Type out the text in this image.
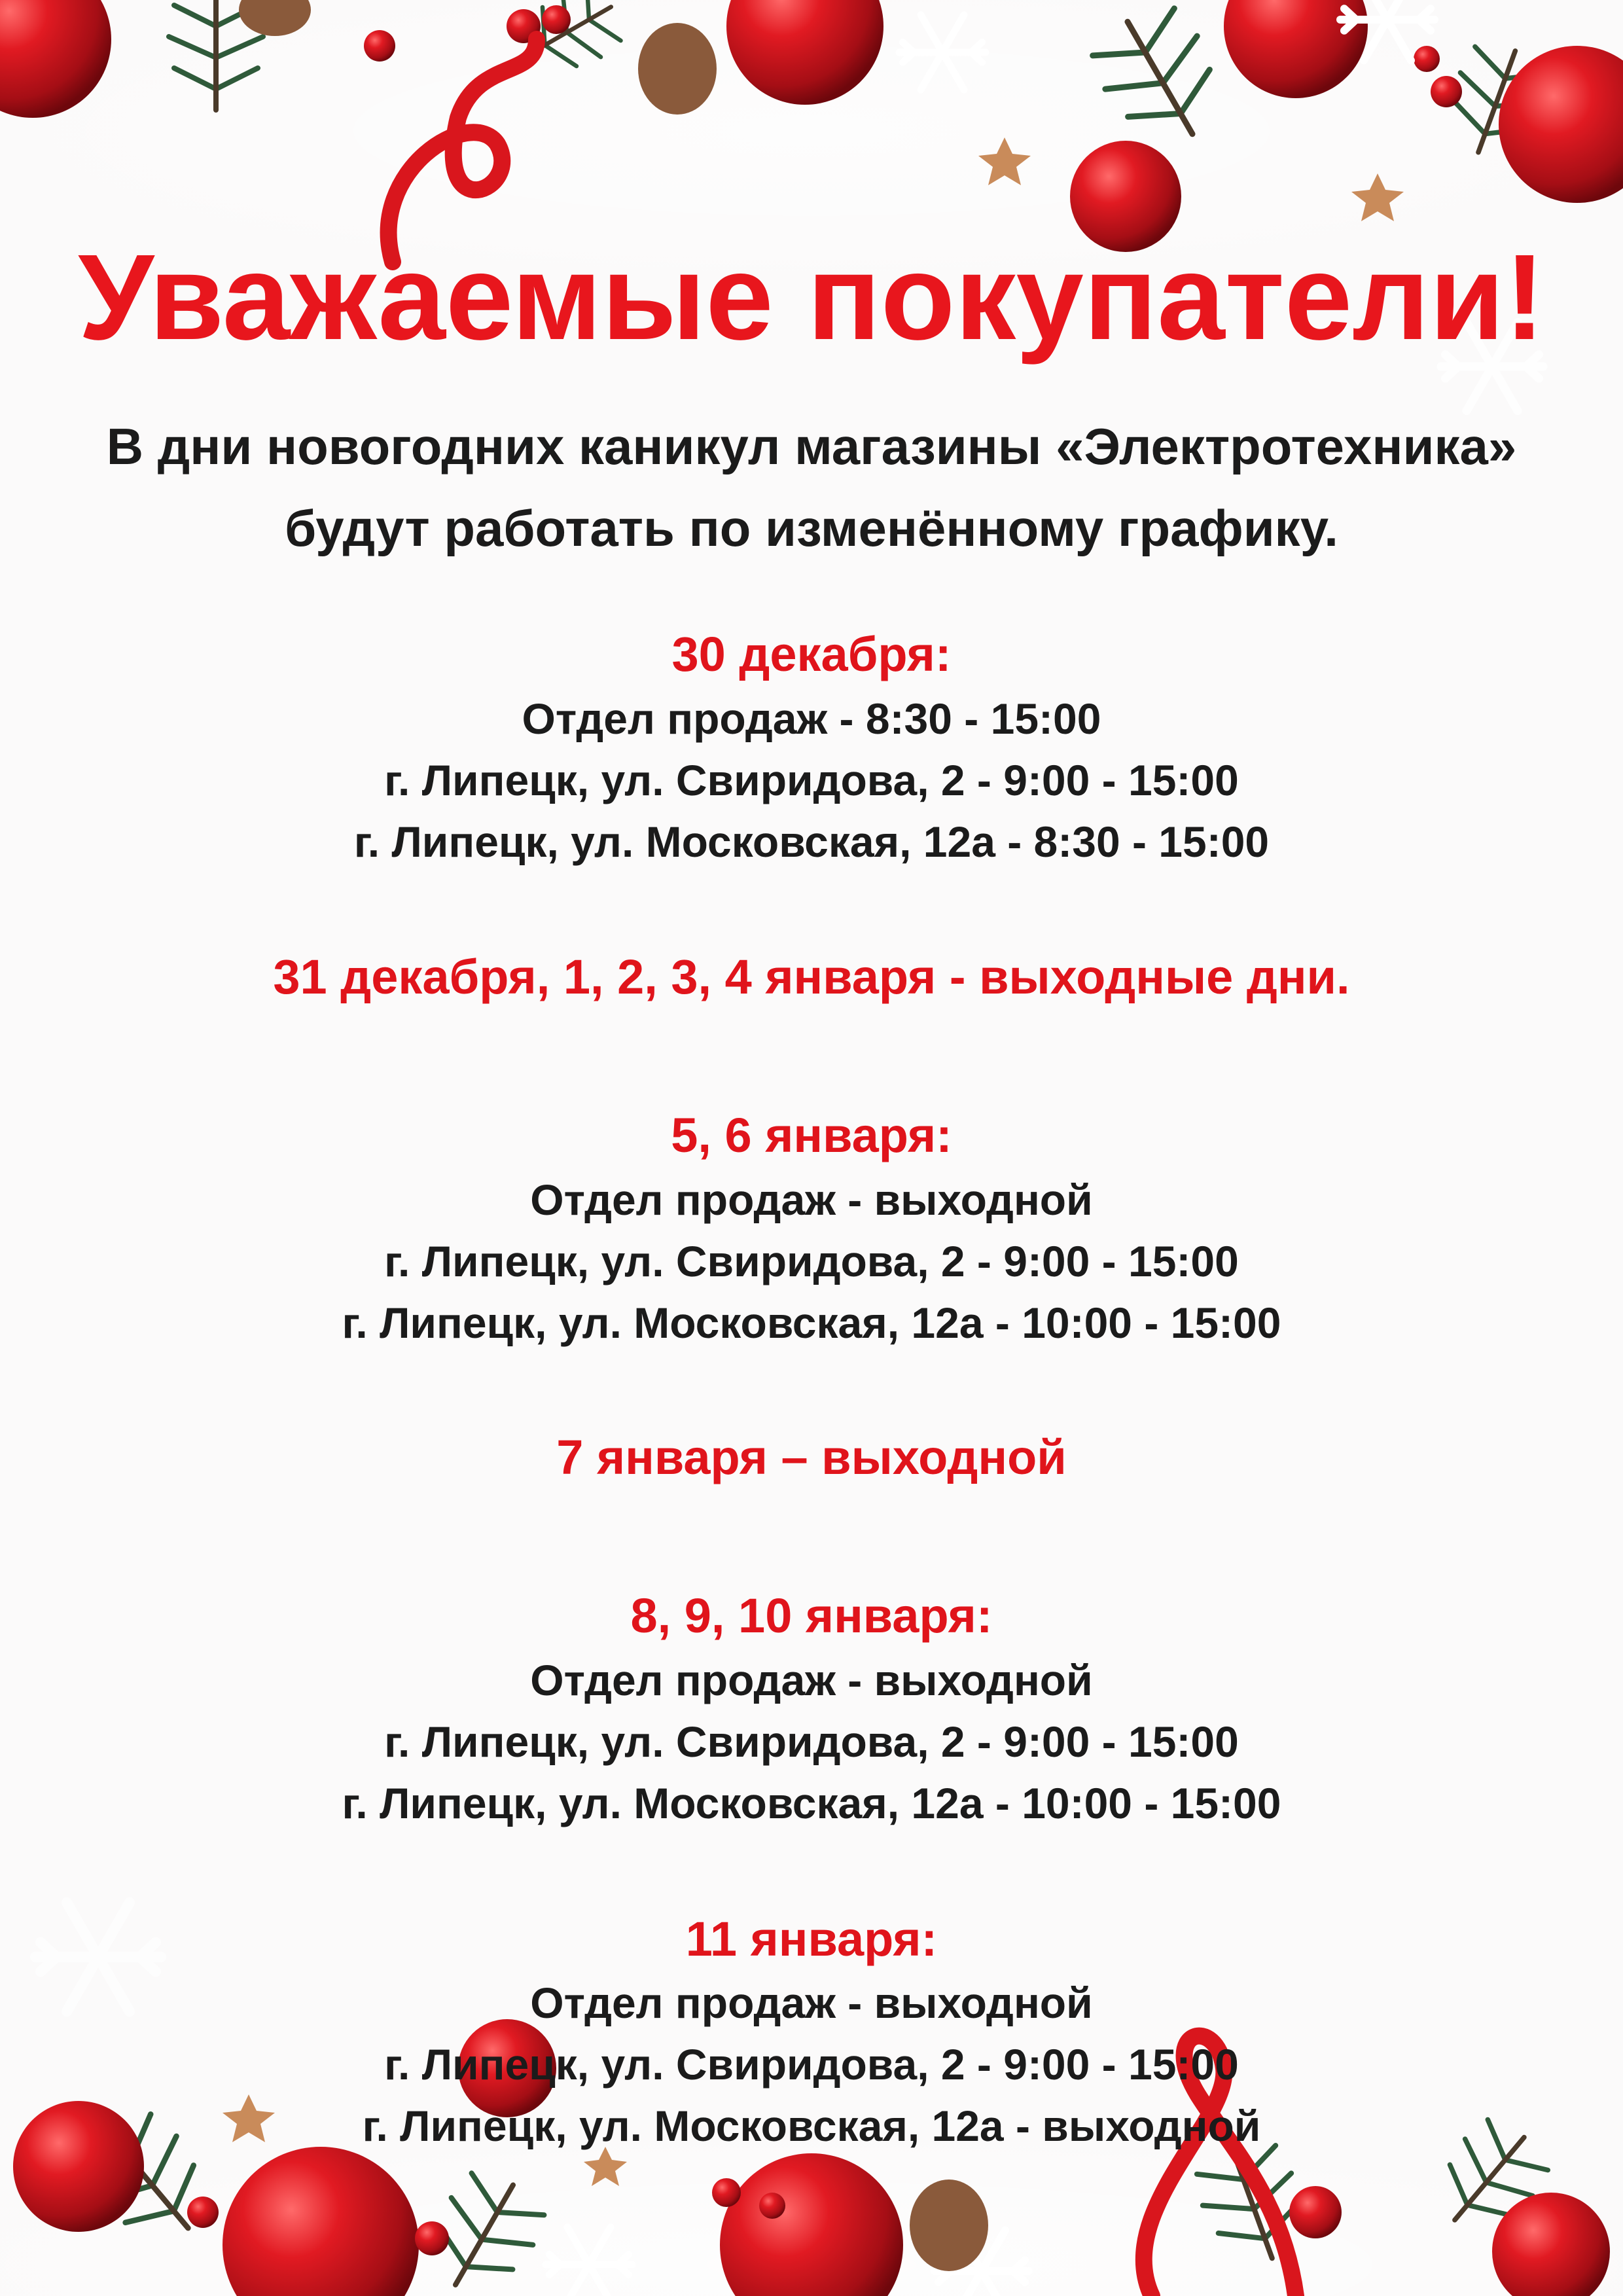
Уважаемые покупатели!

В дни новогодних каникул магазины «Электротехника»

будут работать по изменённому графику.

30 декабря:

Отдел продаж - 8:30 - 15:00

г. Липецк, ул. Свиридова, 2 - 9:00 - 15:00

г. Липецк, ул. Московская, 12а - 8:30 - 15:00

31 декабря, 1, 2, 3, 4 января - выходные дни.

5, 6 января:

Отдел продаж - выходной

г. Липецк, ул. Свиридова, 2 - 9:00 - 15:00

г. Липецк, ул. Московская, 12а - 10:00 - 15:00

7 января – выходной

8, 9, 10 января:

Отдел продаж - выходной

г. Липецк, ул. Свиридова, 2 - 9:00 - 15:00

г. Липецк, ул. Московская, 12а - 10:00 - 15:00

11 января:

Отдел продаж - выходной

г. Липецк, ул. Свиридова, 2 - 9:00 - 15:00

г. Липецк, ул. Московская, 12а - выходной
